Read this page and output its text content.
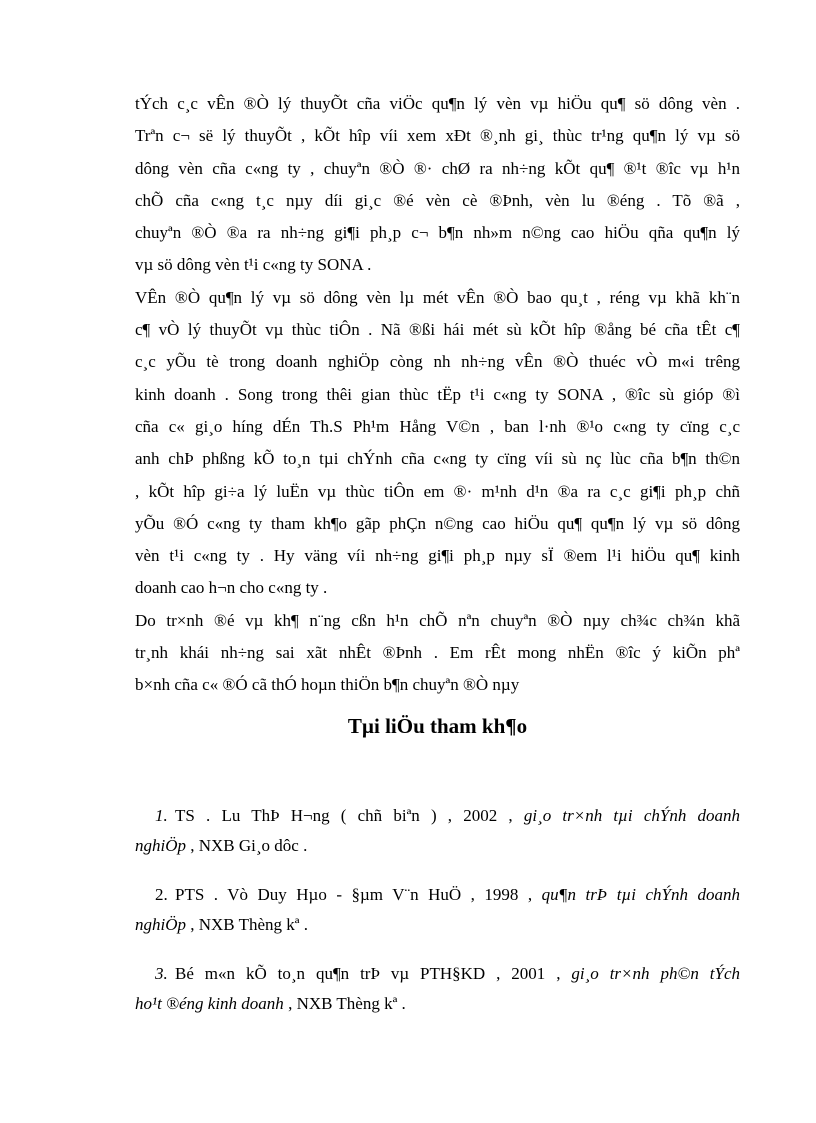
tÝch c¸c vÊn ®Ò lý thuyÕt cña viÖc qu¶n lý vèn vµ hiÖu qu¶ sö dông vèn .
Trªn c¬ së lý thuyÕt , kÕt hîp víi xem xÐt ®¸nh gi¸ thùc tr¹ng qu¶n lý vµ sö
dông vèn cña c«ng ty , chuyªn ®Ò ®· chØ ra nh÷ng kÕt qu¶ ®¹t ®îc vµ h¹n
chÕ cña c«ng t¸c nµy díi gi¸c ®é vèn cè ®Þnh, vèn lu ®éng . Tõ ®ã ,
chuyªn ®Ò ®a ra nh÷ng gi¶i ph¸p c¬ b¶n nh»m n©ng cao hiÖu qña qu¶n lý
vµ sö dông vèn t¹i c«ng ty SONA .
VÊn ®Ò qu¶n lý vµ sö dông vèn lµ mét vÊn ®Ò bao qu¸t , réng vµ khã kh¨n
c¶ vÒ lý thuyÕt vµ thùc tiÔn . Nã ®ßi hái mét sù kÕt hîp ®ång bé cña tÊt c¶
c¸c yÕu tè trong doanh nghiÖp còng nh nh÷ng vÊn ®Ò thuéc vÒ m«i trêng
kinh doanh . Song trong thêi gian thùc tËp t¹i c«ng ty SONA , ®îc sù gióp ®ì
cña c« gi¸o híng dÉn Th.S Ph¹m Hång V©n , ban l·nh ®¹o c«ng ty cïng c¸c
anh chÞ phßng kÕ to¸n tµi chÝnh cña c«ng ty cïng víi sù nç lùc cña b¶n th©n
, kÕt hîp gi÷a lý luËn vµ thùc tiÔn em ®· m¹nh d¹n ®a ra c¸c gi¶i ph¸p chñ
yÕu ®Ó c«ng ty tham kh¶o gãp phÇn n©ng cao hiÖu qu¶ qu¶n lý vµ sö dông
vèn t¹i c«ng ty . Hy väng víi nh÷ng gi¶i ph¸p nµy sÏ ®em l¹i hiÖu qu¶ kinh
doanh cao h¬n cho c«ng ty .
Do tr×nh ®é vµ kh¶ n¨ng cßn h¹n chÕ nªn chuyªn ®Ò nµy ch¾c ch¾n khã
tr¸nh khái nh÷ng sai xãt nhÊt ®Þnh . Em rÊt mong nhËn ®îc ý kiÕn phª
b×nh cña c« ®Ó cã thÓ hoµn thiÖn b¶n chuyªn ®Ò nµy
Tµi liÖu tham kh¶o
1. TS . Lu ThÞ H¬ng ( chñ biªn ) , 2002 , gi¸o tr×nh tµi chÝnh doanh
nghiÖp , NXB Gi¸o dôc .
2. PTS . Vò Duy Hµo - §µm V¨n HuÖ , 1998 , qu¶n trÞ tµi chÝnh doanh
nghiÖp , NXB Thèng kª .
3. Bé m«n kÕ to¸n qu¶n trÞ vµ PTH§KD , 2001 , gi¸o tr×nh ph©n tÝch
ho¹t ®éng kinh doanh , NXB Thèng kª .
